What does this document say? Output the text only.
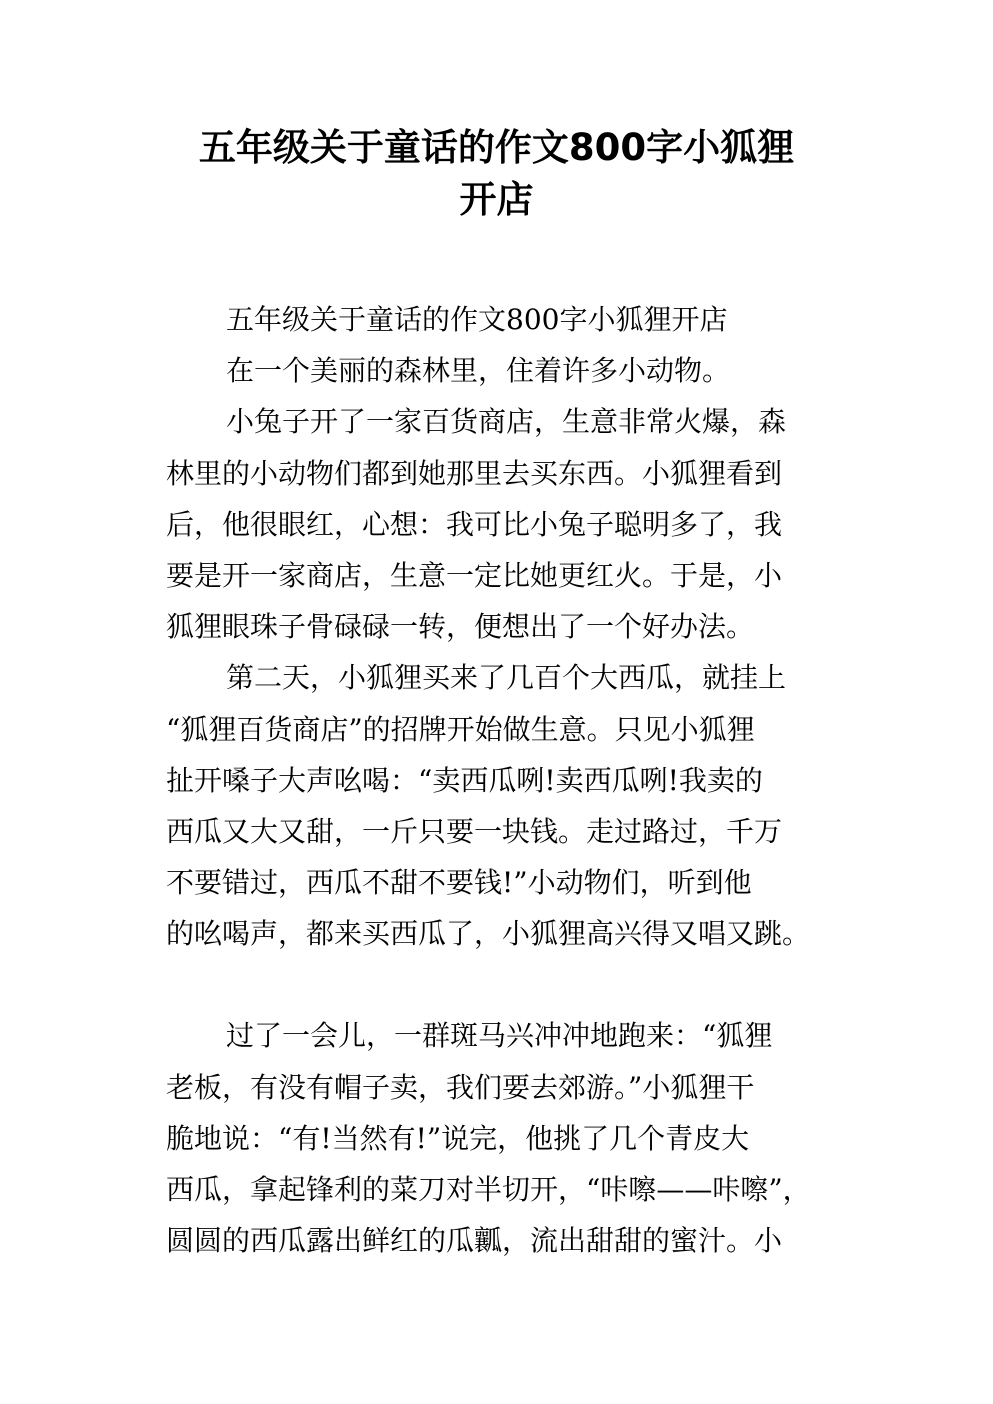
五年级关于童话的作文800字小狐狸
开店
五年级关于童话的作文800字小狐狸开店
在一个美丽的森林里，住着许多小动物。
小兔子开了一家百货商店，生意非常火爆，森
林里的小动物们都到她那里去买东西。小狐狸看到
后，他很眼红，心想：我可比小兔子聪明多了，我
要是开一家商店，生意一定比她更红火。于是，小
狐狸眼珠子骨碌碌一转，便想出了一个好办法。
第二天，小狐狸买来了几百个大西瓜，就挂上
“狐狸百货商店”的招牌开始做生意。只见小狐狸
扯开嗓子大声吆喝：“卖西瓜咧!卖西瓜咧!我卖的
西瓜又大又甜，一斤只要一块钱。走过路过，千万
不要错过，西瓜不甜不要钱!”小动物们，听到他
的吆喝声，都来买西瓜了，小狐狸高兴得又唱又跳。
过了一会儿，一群斑马兴冲冲地跑来：“狐狸
老板，有没有帽子卖，我们要去郊游。”小狐狸干
脆地说：“有!当然有!”说完，他挑了几个青皮大
西瓜，拿起锋利的菜刀对半切开，“咔嚓——咔嚓”，
圆圆的西瓜露出鲜红的瓜瓤，流出甜甜的蜜汁。小
